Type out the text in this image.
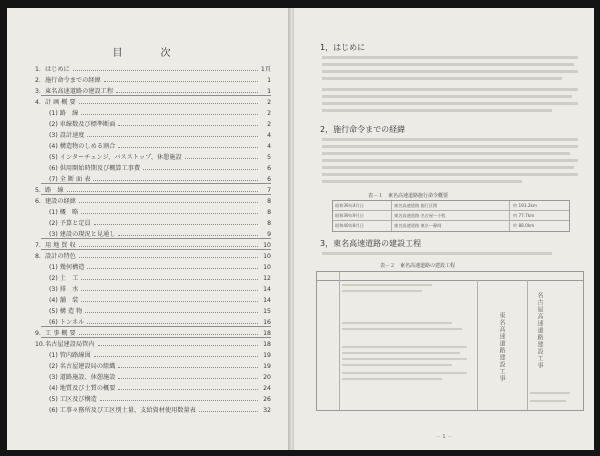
目　次
1. はじめに	1頁
2. 施行命令までの経緯	1
3. 東名高速道路の建設工程	1
4. 計 画 概 要	2
(1) 路　線	2
(2) 車線数及び標準断面	2
(3) 設計速度	4
(4) 構造物のしめる割合	4
(5) インターチェンジ、バスストップ、休憩施設	5
(6) 供用開始時期及び概算工事費	6
(7) 全 断 面 表	6
5. 路　線	7
6. 建設の経緯	8
(1) 概　略	8
(2) 予算と定員	8
(3) 建設の現況と見通し	9
7. 用 地 買 収	10
8. 設計の特色	10
(1) 幾何構造	10
(2) 土　工	12
(3) 排　水	14
(4) 舗　装	14
(5) 構 造 物	15
(6) トンネル	16
9. 工 事 概 要	18
10. 名古屋建設局管内	18
(1) 管内路線図	19
(2) 名古屋建設局の組織	19
(3) 道路施設、休憩施設	20
(4) 地質及び土質の概要	24
(5) 工区及び構造	26
(6) 工事々務所及び工区別土量、支給資材使用数量表	32
－ 1 －
1，はじめに
2，施行命令までの経緯
表－１　東名高速道路施行命令概要
昭和39年4月日	東名高速道路 施行区間	約 193.2km
昭和39年9月日	東名高速道路 名古屋～小牧	約 77.7km
昭和40年8月日	東名高速道路 東京～静岡	約 88.0km
3，東名高速道路の建設工程
表－２　東名高速道路の建設工程
東名高速道路建設工事	名古屋高速道路建設工事
